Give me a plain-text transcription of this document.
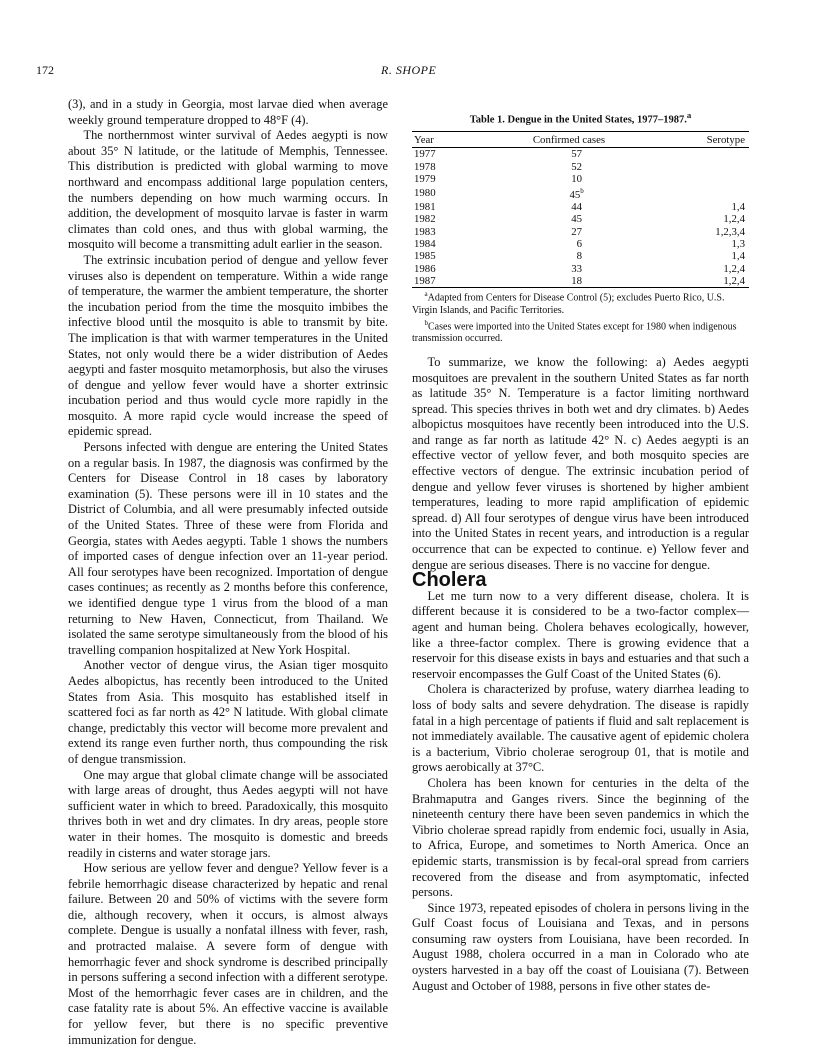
172	R. SHOPE

(3), and in a study in Georgia, most larvae died when average weekly ground temperature dropped to 48°F (4).

The northernmost winter survival of Aedes aegypti is now about 35° N latitude, or the latitude of Memphis, Tennessee. This distribution is predicted with global warming to move northward and encompass additional large population centers, the numbers depending on how much warming occurs. In addition, the development of mosquito larvae is faster in warm climates than cold ones, and thus with global warming, the mosquito will become a transmitting adult earlier in the season.

The extrinsic incubation period of dengue and yellow fever viruses also is dependent on temperature. Within a wide range of temperature, the warmer the ambient temperature, the shorter the incubation period from the time the mosquito imbibes the infective blood until the mosquito is able to transmit by bite. The implication is that with warmer temperatures in the United States, not only would there be a wider distribution of Aedes aegypti and faster mosquito metamorphosis, but also the viruses of dengue and yellow fever would have a shorter extrinsic incubation period and thus would cycle more rapidly in the mosquito. A more rapid cycle would increase the speed of epidemic spread.

Persons infected with dengue are entering the United States on a regular basis. In 1987, the diagnosis was confirmed by the Centers for Disease Control in 18 cases by laboratory examination (5). These persons were ill in 10 states and the District of Columbia, and all were presumably infected outside of the United States. Three of these were from Florida and Georgia, states with Aedes aegypti. Table 1 shows the numbers of imported cases of dengue infection over an 11-year period. All four serotypes have been recognized. Importation of dengue cases continues; as recently as 2 months before this conference, we identified dengue type 1 virus from the blood of a man returning to New Haven, Connecticut, from Thailand. We isolated the same serotype simultaneously from the blood of his travelling companion hospitalized at New York Hospital.

Another vector of dengue virus, the Asian tiger mosquito Aedes albopictus, has recently been introduced to the United States from Asia. This mosquito has established itself in scattered foci as far north as 42° N latitude. With global climate change, predictably this vector will become more prevalent and extend its range even further north, thus compounding the risk of dengue transmission.

One may argue that global climate change will be associated with large areas of drought, thus Aedes aegypti will not have sufficient water in which to breed. Paradoxically, this mosquito thrives both in wet and dry climates. In dry areas, people store water in their homes. The mosquito is domestic and breeds readily in cisterns and water storage jars.

How serious are yellow fever and dengue? Yellow fever is a febrile hemorrhagic disease characterized by hepatic and renal failure. Between 20 and 50% of victims with the severe form die, although recovery, when it occurs, is almost always complete. Dengue is usually a nonfatal illness with fever, rash, and protracted malaise. A severe form of dengue with hemorrhagic fever and shock syndrome is described principally in persons suffering a second infection with a different serotype. Most of the hemorrhagic fever cases are in children, and the case fatality rate is about 5%. An effective vaccine is available for yellow fever, but there is no specific preventive immunization for dengue.

Table 1. Dengue in the United States, 1977–1987.$^a$
Year	Confirmed cases	Serotype
1977	57	
1978	52	
1979	10	
1980	45$^b$	
1981	44	1,4
1982	45	1,2,4
1983	27	1,2,3,4
1984	6	1,3
1985	8	1,4
1986	33	1,2,4
1987	18	1,2,4

$^a$Adapted from Centers for Disease Control (5); excludes Puerto Rico, U.S. Virgin Islands, and Pacific Territories.

$^b$Cases were imported into the United States except for 1980 when indigenous transmission occurred.

To summarize, we know the following: a) Aedes aegypti mosquitoes are prevalent in the southern United States as far north as latitude 35° N. Temperature is a factor limiting northward spread. This species thrives in both wet and dry climates. b) Aedes albopictus mosquitoes have recently been introduced into the U.S. and range as far north as latitude 42° N. c) Aedes aegypti is an effective vector of yellow fever, and both mosquito species are effective vectors of dengue. The extrinsic incubation period of dengue and yellow fever viruses is shortened by higher ambient temperatures, leading to more rapid amplification of epidemic spread. d) All four serotypes of dengue virus have been introduced into the United States in recent years, and introduction is a regular occurrence that can be expected to continue. e) Yellow fever and dengue are serious diseases. There is no vaccine for dengue.

Cholera

Let me turn now to a very different disease, cholera. It is different because it is considered to be a two-factor complex—agent and human being. Cholera behaves ecologically, however, like a three-factor complex. There is growing evidence that a reservoir for this disease exists in bays and estuaries and that such a reservoir encompasses the Gulf Coast of the United States (6).

Cholera is characterized by profuse, watery diarrhea leading to loss of body salts and severe dehydration. The disease is rapidly fatal in a high percentage of patients if fluid and salt replacement is not immediately available. The causative agent of epidemic cholera is a bacterium, Vibrio cholerae serogroup 01, that is motile and grows aerobically at 37°C.

Cholera has been known for centuries in the delta of the Brahmaputra and Ganges rivers. Since the beginning of the nineteenth century there have been seven pandemics in which the Vibrio cholerae spread rapidly from endemic foci, usually in Asia, to Africa, Europe, and sometimes to North America. Once an epidemic starts, transmission is by fecal-oral spread from carriers recovered from the disease and from asymptomatic, infected persons.

Since 1973, repeated episodes of cholera in persons living in the Gulf Coast focus of Louisiana and Texas, and in persons consuming raw oysters from Louisiana, have been recorded. In August 1988, cholera occurred in a man in Colorado who ate oysters harvested in a bay off the coast of Louisiana (7). Between August and October of 1988, persons in five other states de-
